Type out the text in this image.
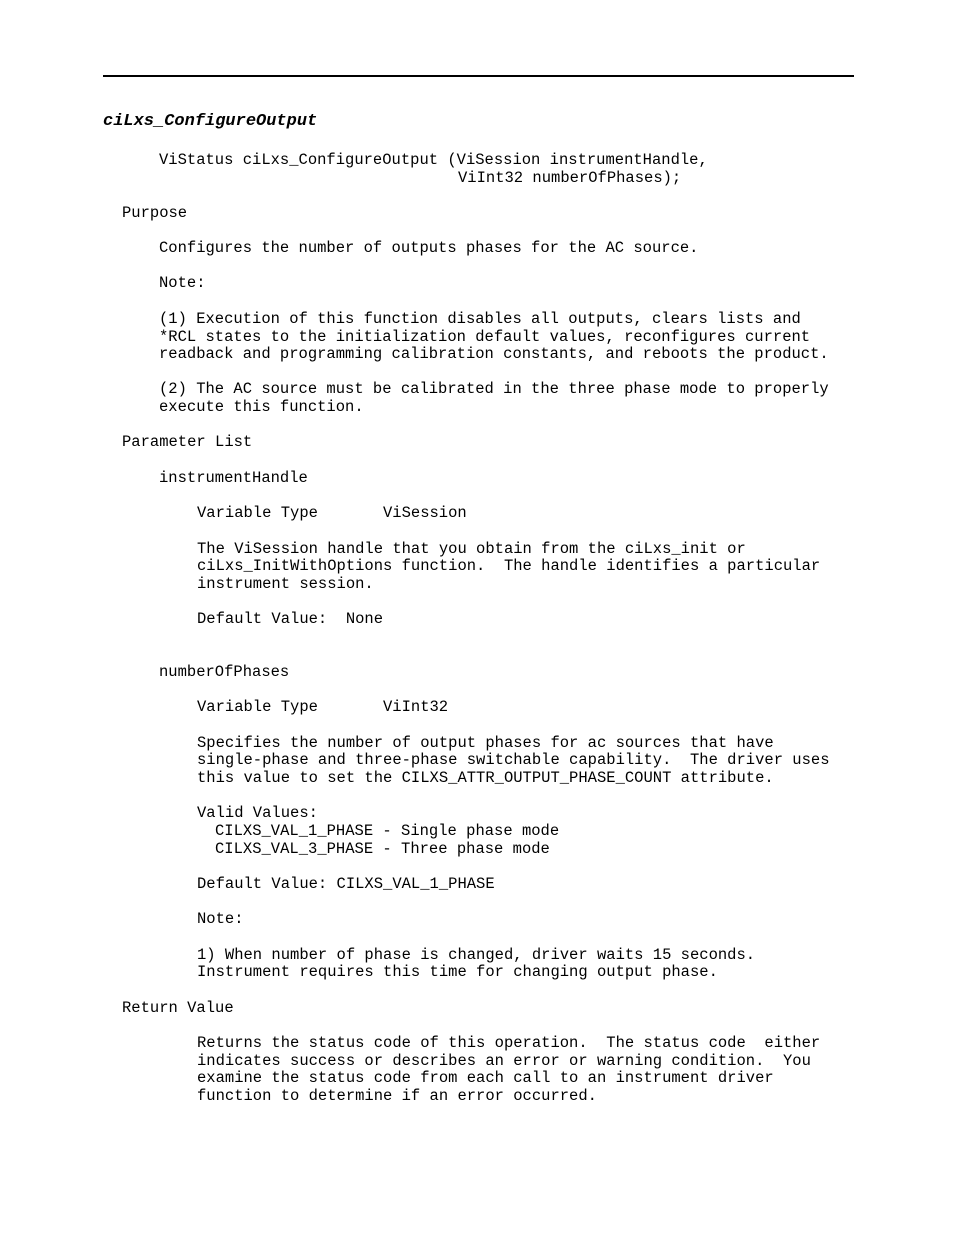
ciLxs_ConfigureOutput
ViStatus ciLxs_ConfigureOutput (ViSession instrumentHandle,
ViInt32 numberOfPhases);
Purpose
Configures the number of outputs phases for the AC source.
Note:
(1) Execution of this function disables all outputs, clears lists and
*RCL states to the initialization default values, reconfigures current
readback and programming calibration constants, and reboots the product.
(2) The AC source must be calibrated in the three phase mode to properly
execute this function.
Parameter List
instrumentHandle
Variable Type	ViSession
The ViSession handle that you obtain from the ciLxs_init or
ciLxs_InitWithOptions function.  The handle identifies a particular
instrument session.
Default Value:  None
numberOfPhases
Variable Type	ViInt32
Specifies the number of output phases for ac sources that have
single-phase and three-phase switchable capability.  The driver uses
this value to set the CILXS_ATTR_OUTPUT_PHASE_COUNT attribute.
Valid Values:
CILXS_VAL_1_PHASE - Single phase mode
CILXS_VAL_3_PHASE - Three phase mode
Default Value: CILXS_VAL_1_PHASE
Note:
1) When number of phase is changed, driver waits 15 seconds.
Instrument requires this time for changing output phase.
Return Value
Returns the status code of this operation.  The status code  either
indicates success or describes an error or warning condition.  You
examine the status code from each call to an instrument driver
function to determine if an error occurred.
